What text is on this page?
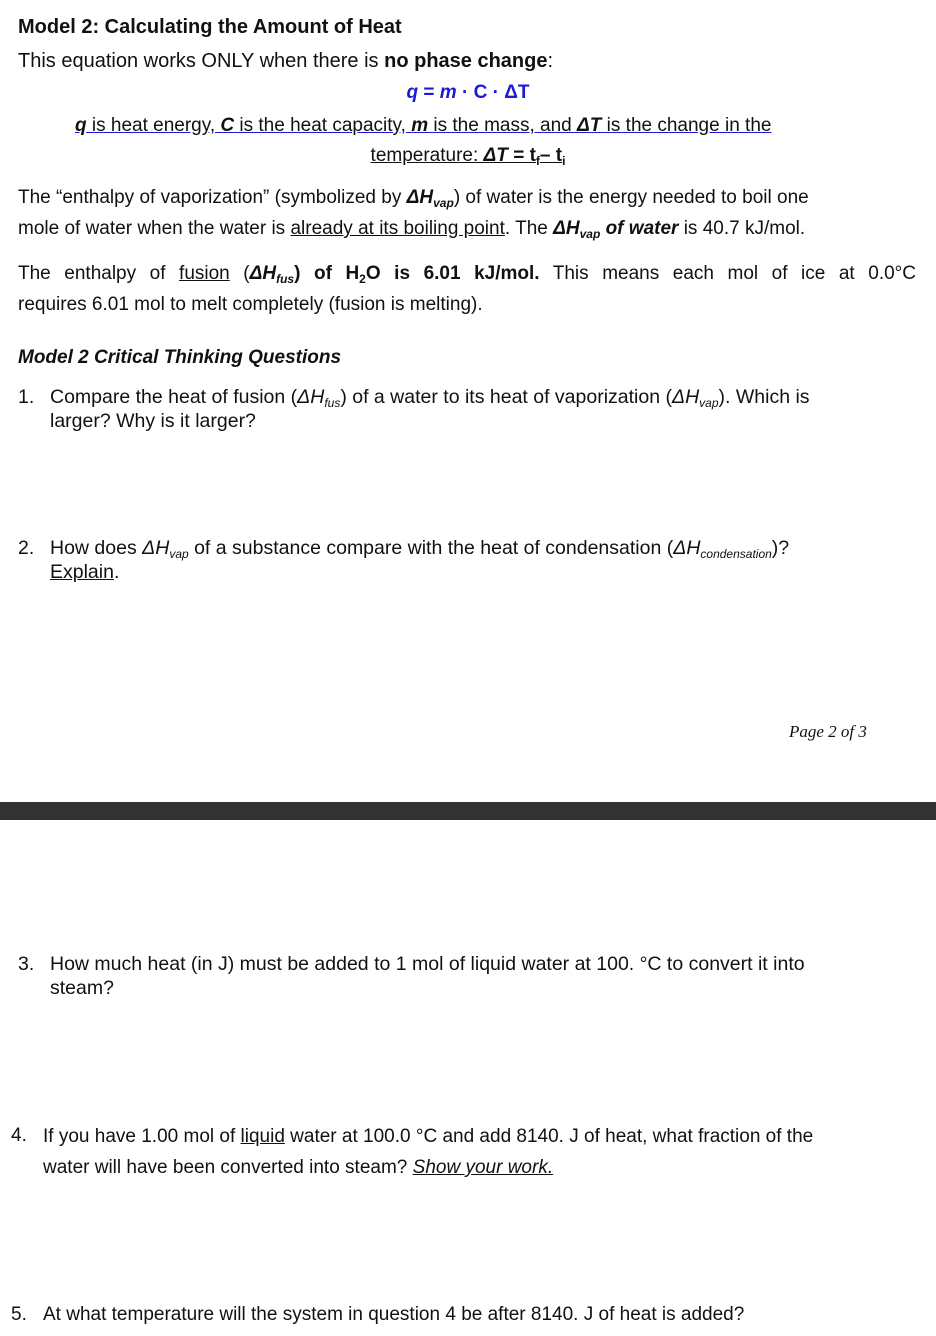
Model 2: Calculating the Amount of Heat
This equation works ONLY when there is no phase change:
q = m · C · ΔT
q is heat energy, C is the heat capacity, m is the mass, and ΔT is the change in the
temperature: $\Delta T = t_f-$ $t_i$
The “enthalpy of vaporization” (symbolized by $\Delta H_{vap}$) of water is the energy needed to boil one
mole of water when the water is already at its boiling point. The $\Delta H_{vap}$ of water is 40.7 kJ/mol.
The enthalpy of fusion $(\Delta H_{fus})$ of $H_2O$ is 6.01 kJ/mol. This means each mol of ice at 0.0°C
requires 6.01 mol to melt completely (fusion is melting).
Model 2 Critical Thinking Questions
1. Compare the heat of fusion $(\Delta H_{fus})$ of a water to its heat of vaporization $(\Delta H_{vap})$. Which is
larger? Why is it larger?
2. How does $\Delta H_{vap}$ of a substance compare with the heat of condensation $(\Delta H_{condensation})$?
Explain.
Page 2 of 3
3. How much heat (in J) must be added to 1 mol of liquid water at 100. °C to convert it into
steam?
4. If you have 1.00 mol of liquid water at 100.0 °C and add 8140. J of heat, what fraction of the
water will have been converted into steam? Show your work.
5. At what temperature will the system in question 4 be after 8140. J of heat is added?
